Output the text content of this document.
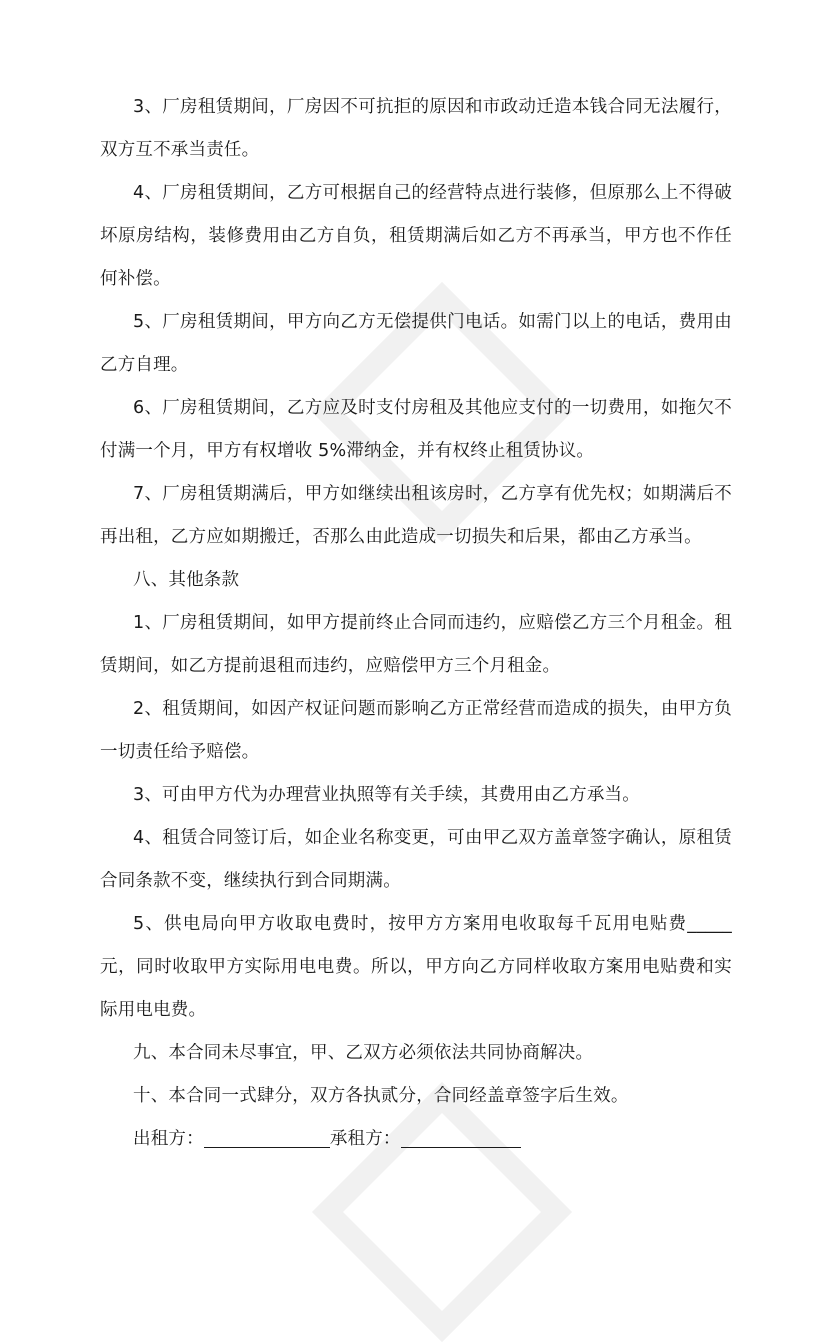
3、厂房租赁期间，厂房因不可抗拒的原因和市政动迁造本钱合同无法履行，双方互不承当责任。

4、厂房租赁期间，乙方可根据自己的经营特点进行装修，但原那么上不得破坏原房结构，装修费用由乙方自负，租赁期满后如乙方不再承当，甲方也不作任何补偿。

5、厂房租赁期间，甲方向乙方无偿提供门电话。如需门以上的电话，费用由乙方自理。

6、厂房租赁期间，乙方应及时支付房租及其他应支付的一切费用，如拖欠不付满一个月，甲方有权增收 5%滞纳金，并有权终止租赁协议。

7、厂房租赁期满后，甲方如继续出租该房时，乙方享有优先权；如期满后不再出租，乙方应如期搬迁，否那么由此造成一切损失和后果，都由乙方承当。

八、其他条款

1、厂房租赁期间，如甲方提前终止合同而违约，应赔偿乙方三个月租金。租赁期间，如乙方提前退租而违约，应赔偿甲方三个月租金。

2、租赁期间，如因产权证问题而影响乙方正常经营而造成的损失，由甲方负一切责任给予赔偿。

3、可由甲方代为办理营业执照等有关手续，其费用由乙方承当。

4、租赁合同签订后，如企业名称变更，可由甲乙双方盖章签字确认，原租赁合同条款不变，继续执行到合同期满。

5、供电局向甲方收取电费时，按甲方方案用电收取每千瓦用电贴费_____元，同时收取甲方实际用电电费。所以，甲方向乙方同样收取方案用电贴费和实际用电电费。

九、本合同未尽事宜，甲、乙双方必须依法共同协商解决。

十、本合同一式肆分，双方各执贰分，合同经盖章签字后生效。

出租方：	承租方：
